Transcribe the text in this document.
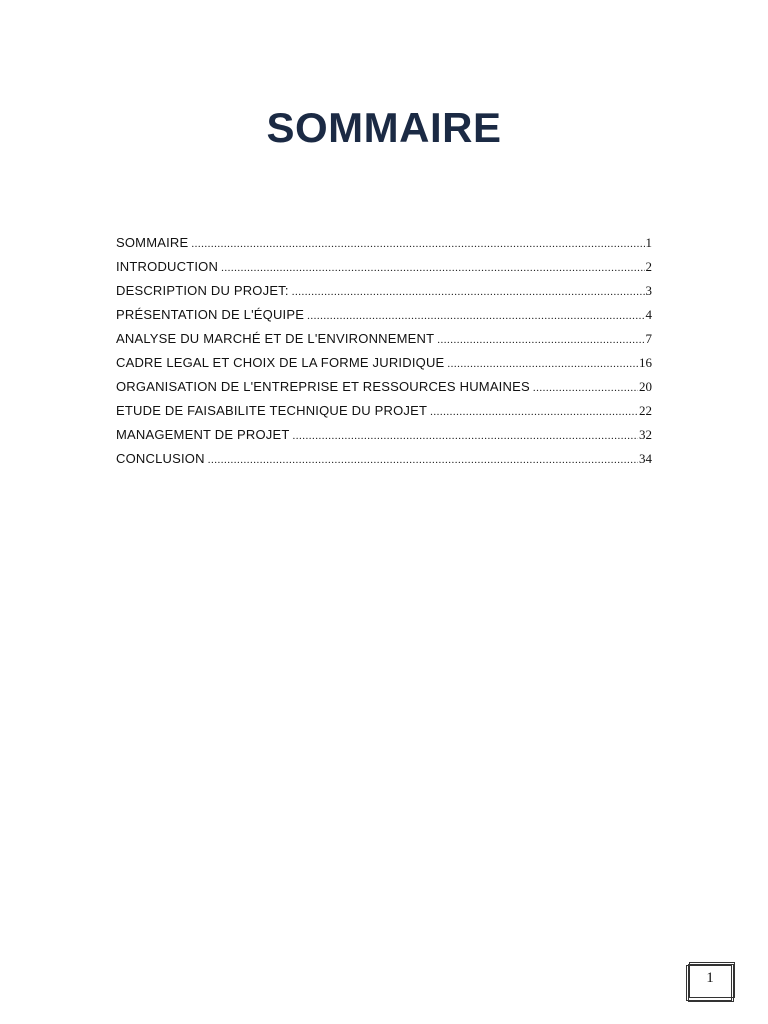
SOMMAIRE
SOMMAIRE .....	1
INTRODUCTION .....	2
DESCRIPTION DU PROJET: .....	3
PRÉSENTATION DE L'ÉQUIPE .....	4
ANALYSE DU MARCHÉ ET DE L'ENVIRONNEMENT .....	7
CADRE LEGAL ET CHOIX DE LA FORME JURIDIQUE .....	16
ORGANISATION DE L'ENTREPRISE ET RESSOURCES HUMAINES .....	20
ETUDE DE FAISABILITE TECHNIQUE DU PROJET .....	22
MANAGEMENT DE PROJET .....	32
CONCLUSION .....	34
1
